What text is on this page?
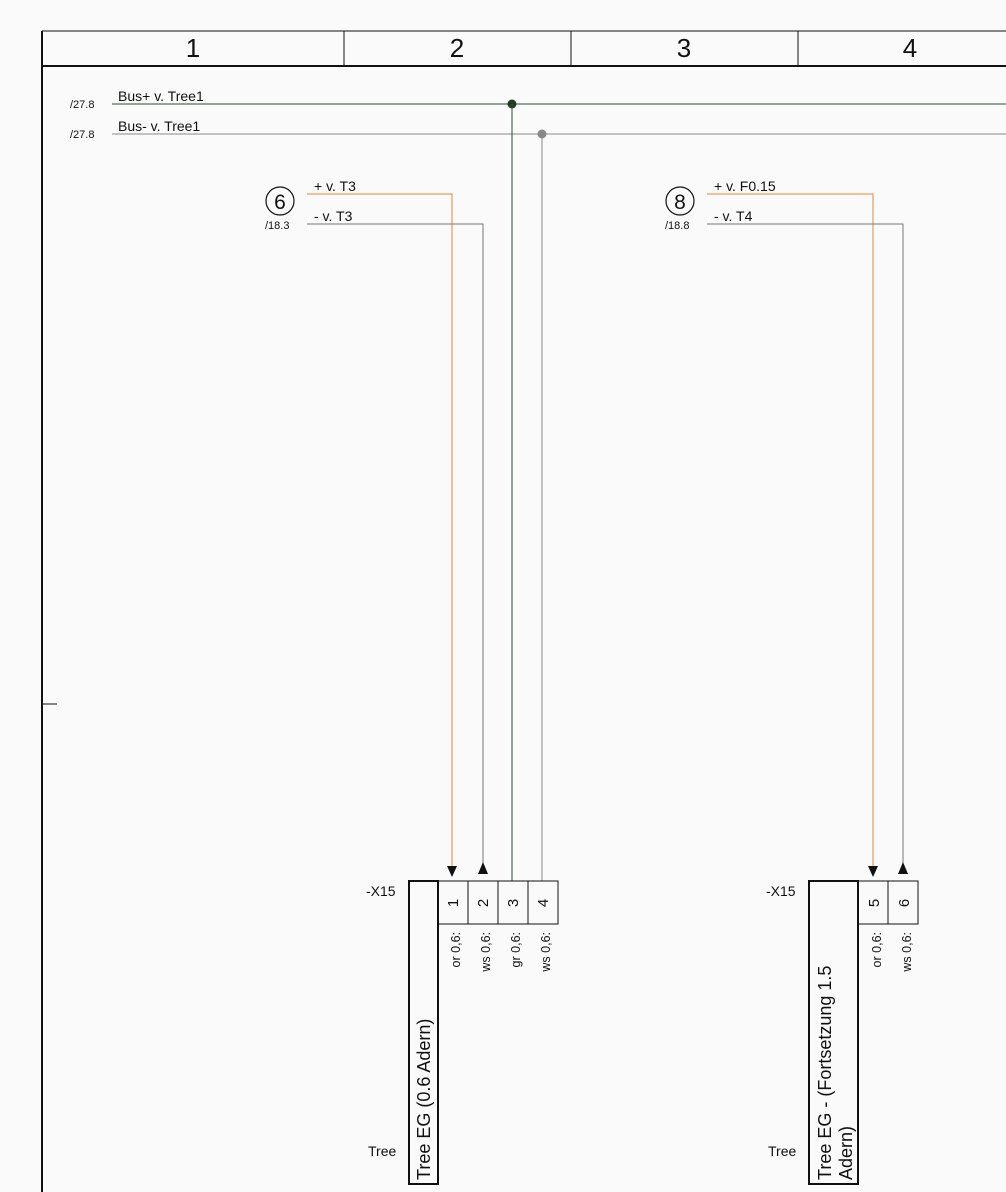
1	2	3	4
/27.8
Bus+ v. Tree1
/27.8
Bus- v. Tree1
6
/18.3
+ v. T3
- v. T3
-X15
Tree Tree EG (0.6 Adern)
1
or 0,6:
2
ws 0,6:
3
gr 0,6:
4
ws 0,6:
8
/18.8
+ v. F0.15
- v. T4
-X15
Tree Tree EG - (Fortsetzung 1.5 Adern)
5
or 0,6:
6
ws 0,6:
